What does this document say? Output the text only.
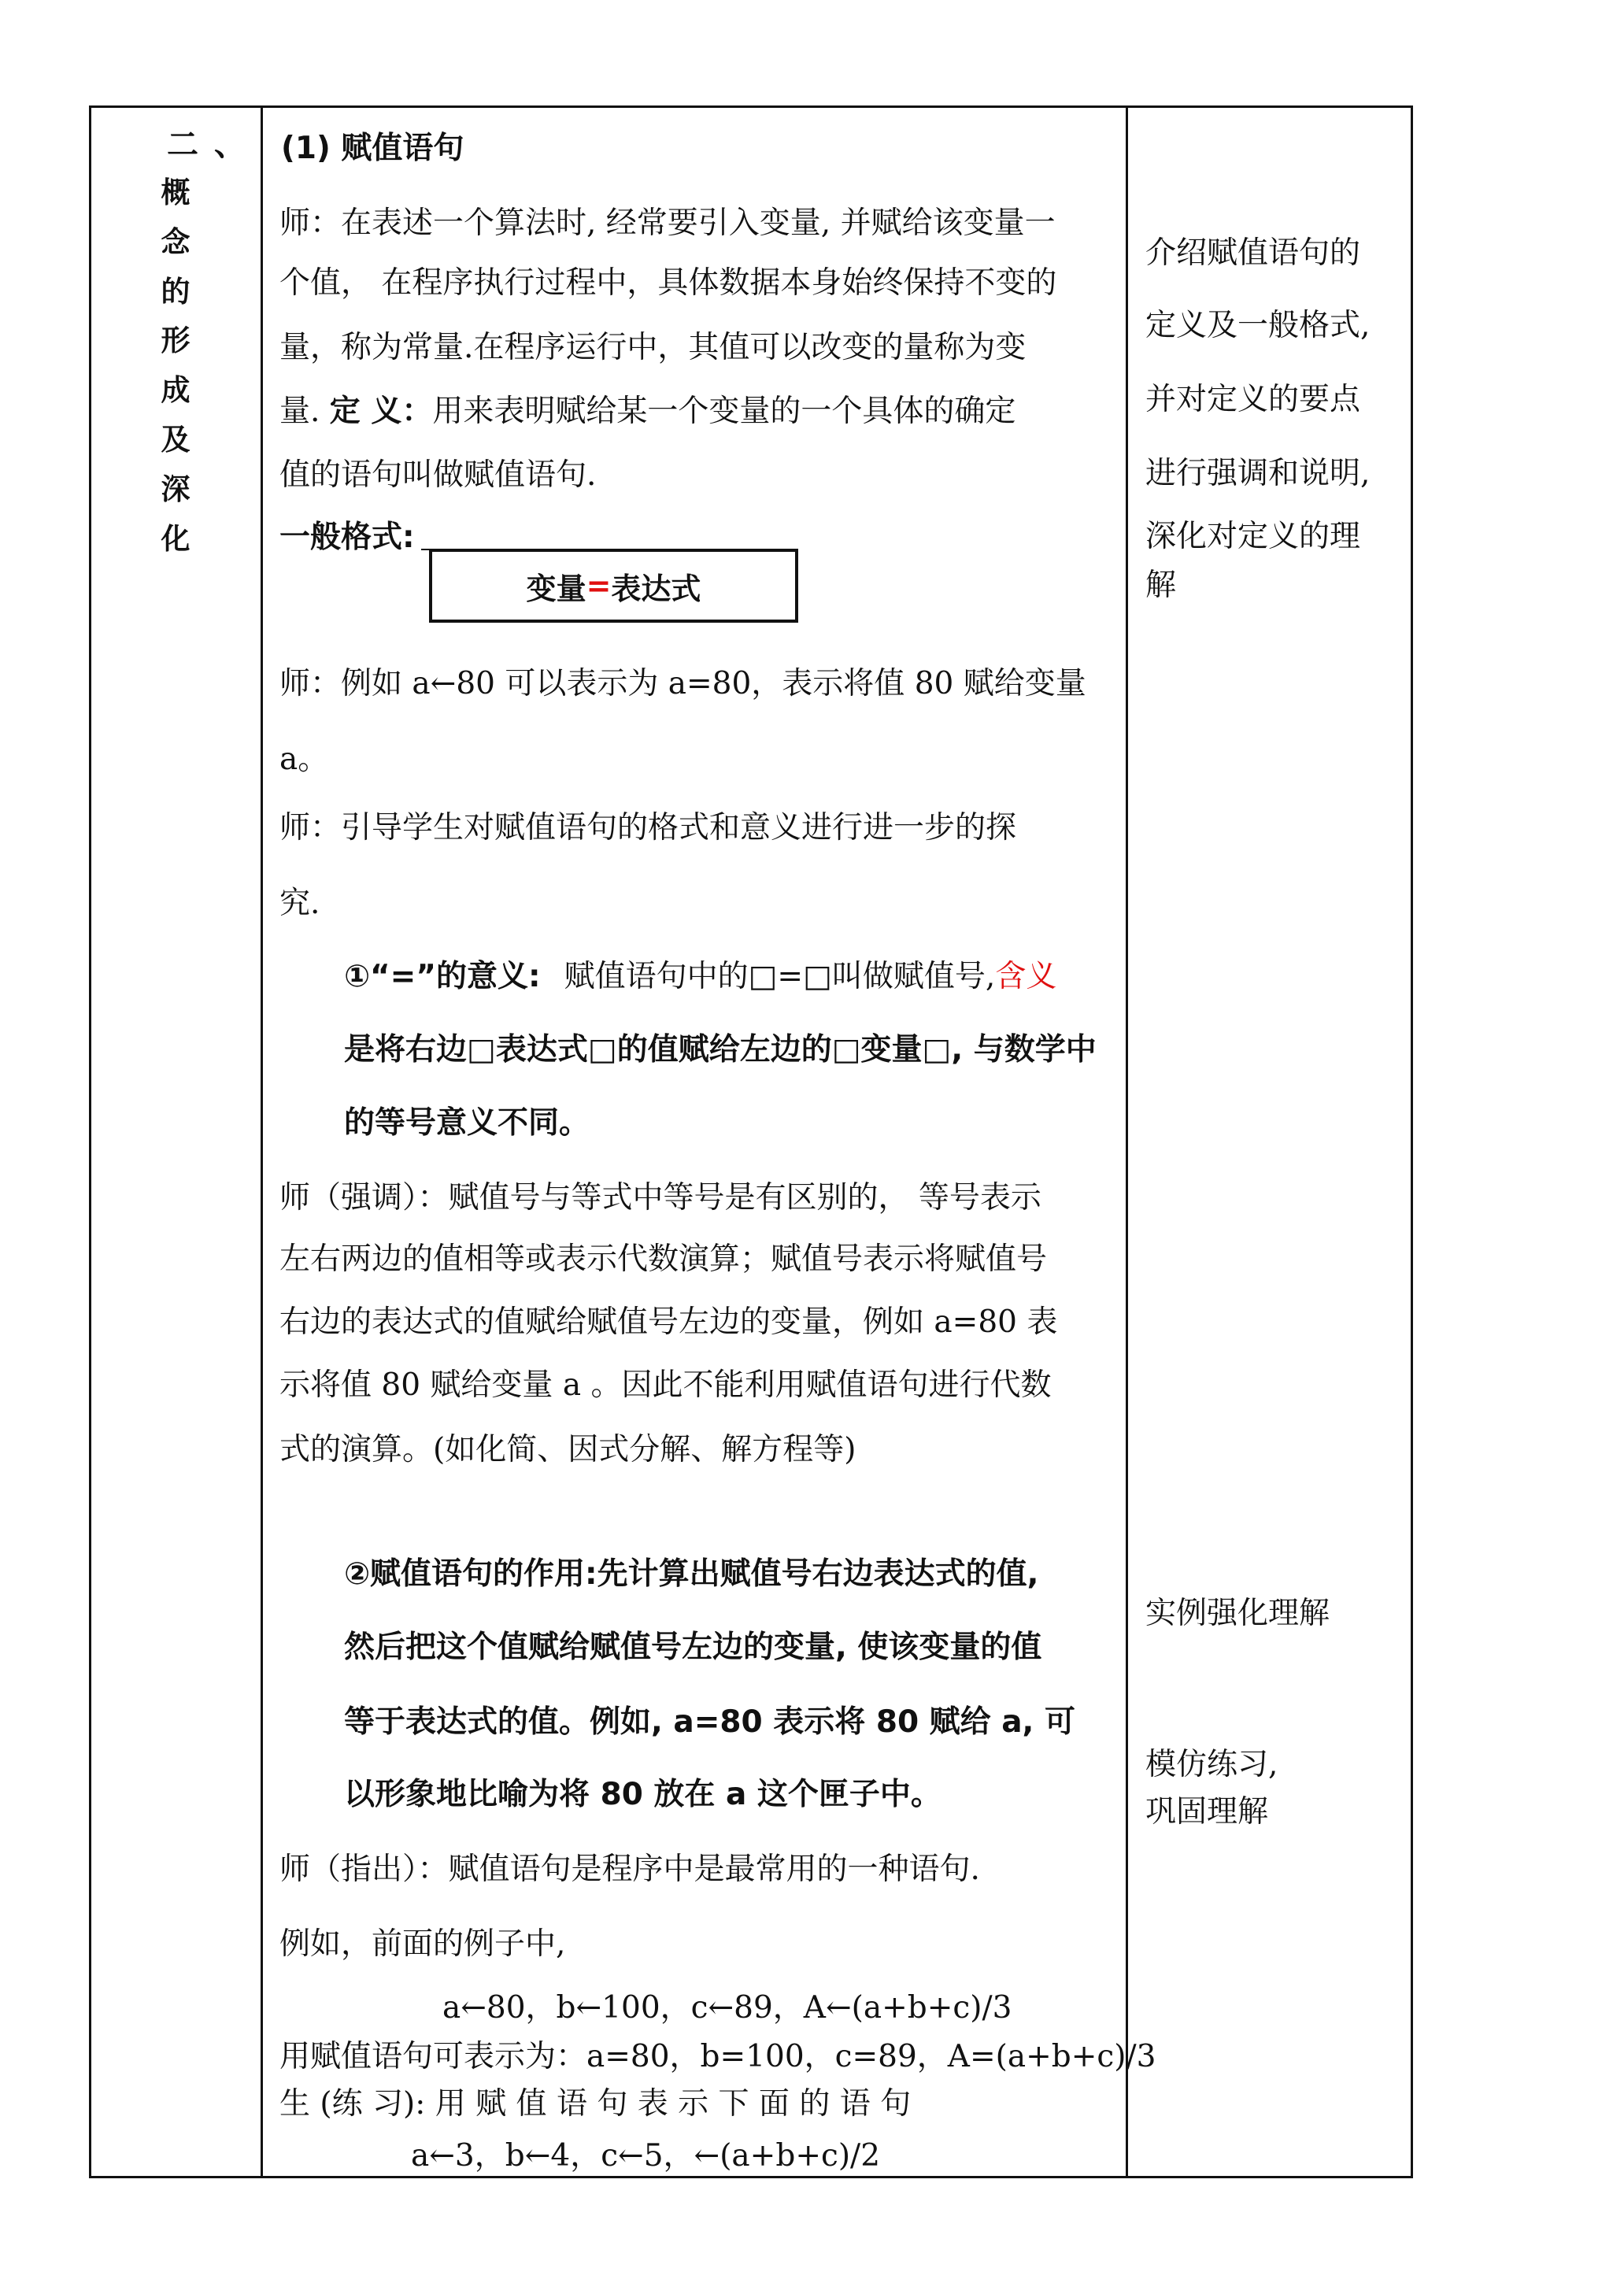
二 、
概
念
的
形
成
及
深
化
(1) 赋值语句
师：在表述一个算法时, 经常要引入变量, 并赋给该变量一
个值， 在程序执行过程中，具体数据本身始终保持不变的
量，称为常量.在程序运行中，其值可以改变的量称为变
量. 定 义：用来表明赋给某一个变量的一个具体的确定
值的语句叫做赋值语句.
一般格式:
变量 = 表达式
师：例如 a←80 可以表示为 a=80，表示将值 80 赋给变量
a。
师：引导学生对赋值语句的格式和意义进行进一步的探
究.
①“=”的意义: 赋值语句中的□=□叫做赋值号,含义
是将右边□表达式□的值赋给左边的□变量□, 与数学中
的等号意义不同。
师（强调）：赋值号与等式中等号是有区别的， 等号表示
左右两边的值相等或表示代数演算；赋值号表示将赋值号
右边的表达式的值赋给赋值号左边的变量，例如 a=80 表
示将值 80 赋给变量 a 。因此不能利用赋值语句进行代数
式的演算。(如化简、因式分解、解方程等)
②赋值语句的作用:先计算出赋值号右边表达式的值,
然后把这个值赋给赋值号左边的变量, 使该变量的值
等于表达式的值。例如, a=80 表示将 80 赋给 a, 可
以形象地比喻为将 80 放在 a 这个匣子中。
师（指出）：赋值语句是程序中是最常用的一种语句.
例如，前面的例子中,
a←80，b←100，c←89，A←(a+b+c)/3
用赋值语句可表示为：a=80，b=100，c=89，A=(a+b+c)/3
生 (练 习): 用 赋 值 语 句 表 示 下 面 的 语 句
a←3，b←4，c←5，←(a+b+c)/2
介绍赋值语句的
定义及一般格式,
并对定义的要点
进行强调和说明,
深化对定义的理
解
实例强化理解
模仿练习,
巩固理解
